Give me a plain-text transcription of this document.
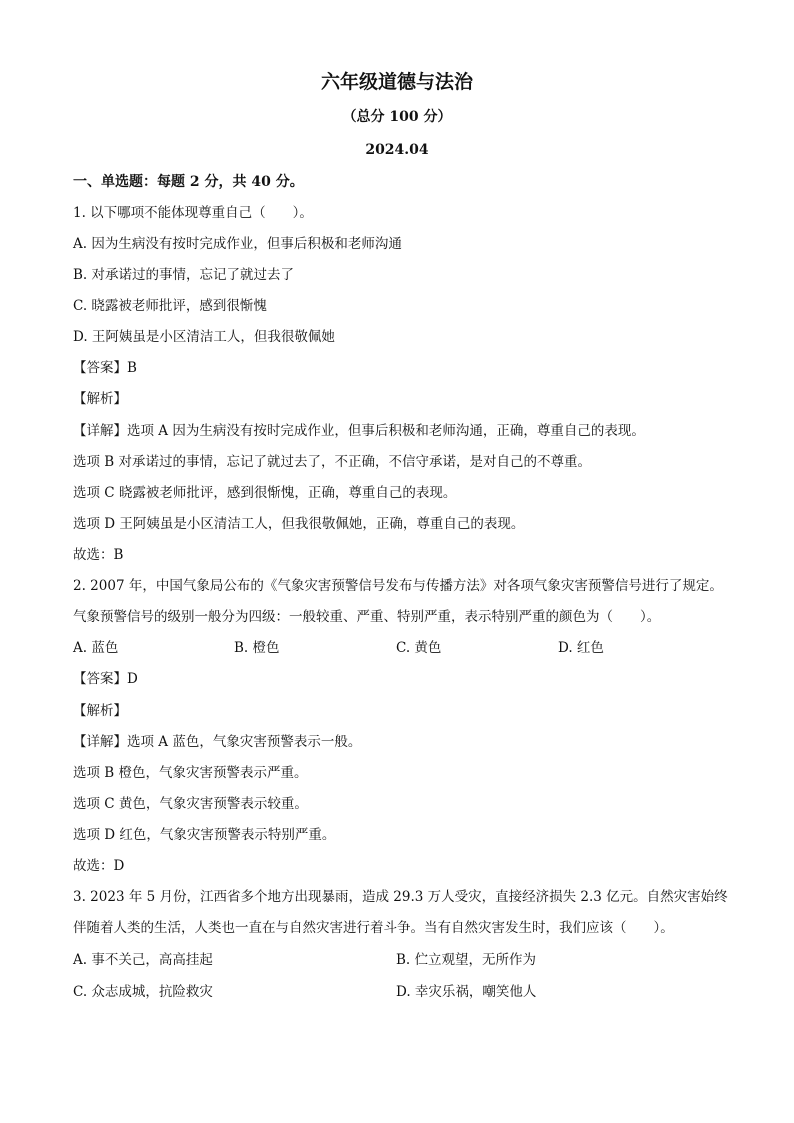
六年级道德与法治
（总分 100 分）
2024.04
一、单选题：每题 2 分，共 40 分。
1. 以下哪项不能体现尊重自己（　　）。
A. 因为生病没有按时完成作业，但事后积极和老师沟通
B. 对承诺过的事情，忘记了就过去了
C. 晓露被老师批评，感到很惭愧
D. 王阿姨虽是小区清洁工人，但我很敬佩她
【答案】B
【解析】
【详解】选项 A 因为生病没有按时完成作业，但事后积极和老师沟通，正确，尊重自己的表现。
选项 B 对承诺过的事情，忘记了就过去了，不正确，不信守承诺，是对自己的不尊重。
选项 C 晓露被老师批评，感到很惭愧，正确，尊重自己的表现。
选项 D 王阿姨虽是小区清洁工人，但我很敬佩她，正确，尊重自己的表现。
故选：B
2. 2007 年，中国气象局公布的《气象灾害预警信号发布与传播方法》对各项气象灾害预警信号进行了规定。
气象预警信号的级别一般分为四级：一般较重、严重、特别严重，表示特别严重的颜色为（　　）。
A. 蓝色	B. 橙色	C. 黄色	D. 红色
【答案】D
【解析】
【详解】选项 A 蓝色，气象灾害预警表示一般。
选项 B 橙色，气象灾害预警表示严重。
选项 C 黄色，气象灾害预警表示较重。
选项 D 红色，气象灾害预警表示特别严重。
故选：D
3. 2023 年 5 月份，江西省多个地方出现暴雨，造成 29.3 万人受灾，直接经济损失 2.3 亿元。自然灾害始终
伴随着人类的生活，人类也一直在与自然灾害进行着斗争。当有自然灾害发生时，我们应该（　　）。
A. 事不关己，高高挂起	B. 伫立观望，无所作为
C. 众志成城，抗险救灾	D. 幸灾乐祸，嘲笑他人
